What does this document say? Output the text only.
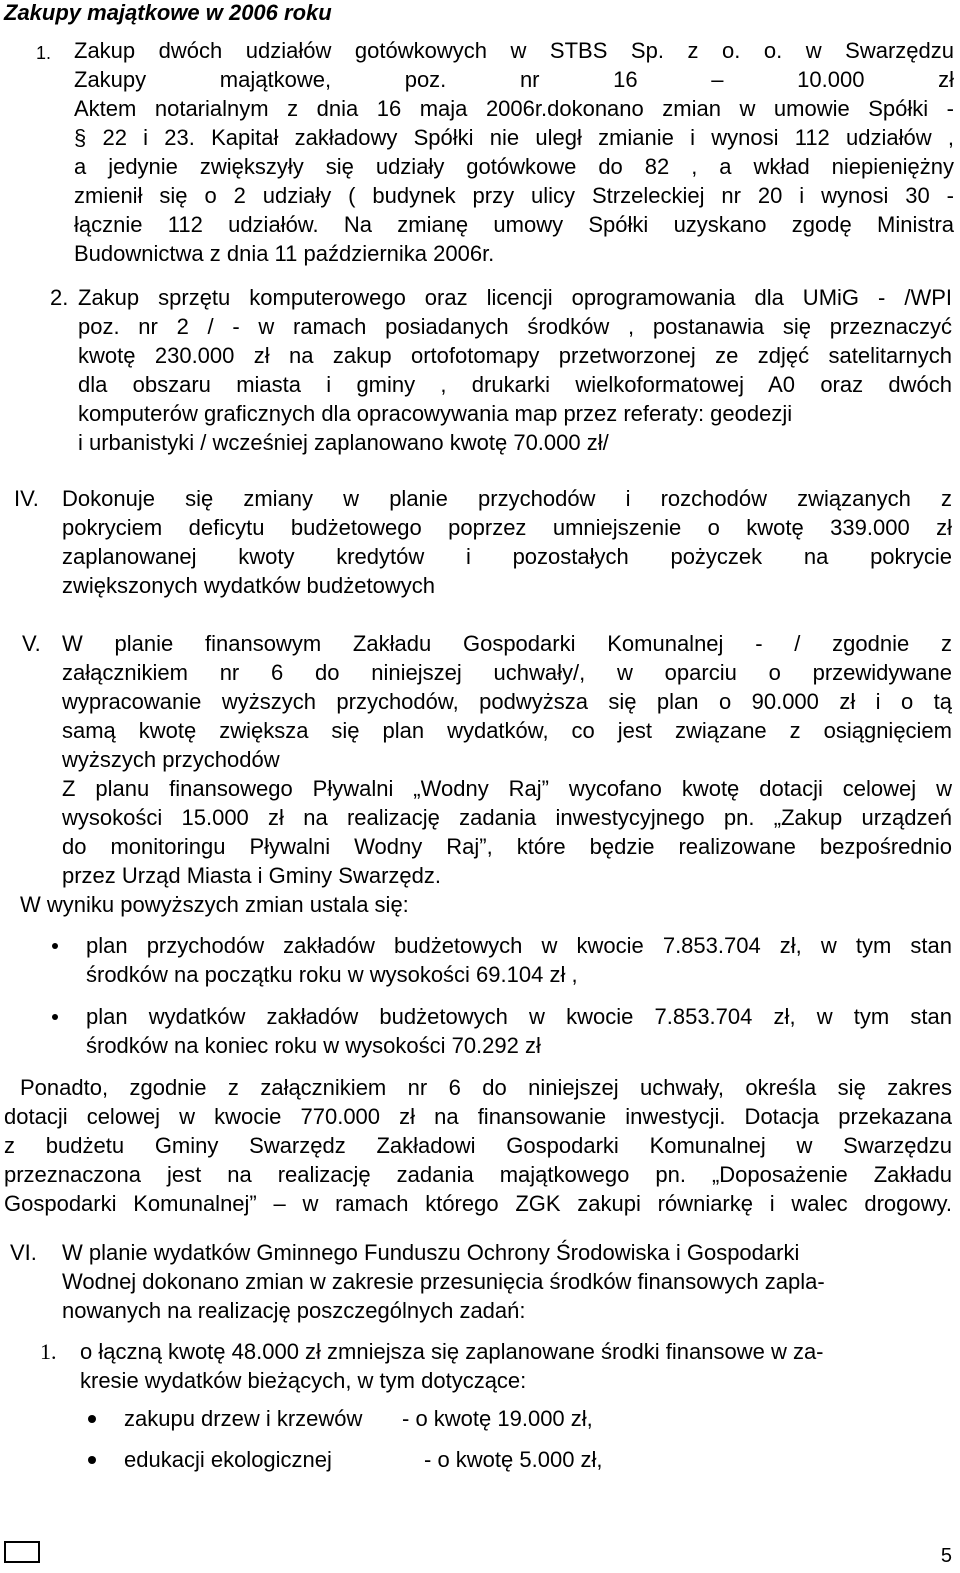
Zakupy majątkowe w 2006 roku
1. Zakup dwóch udziałów gotówkowych w STBS Sp. z o. o. w Swarzędzu
Zakupy majątkowe, poz. nr 16 – 10.000 zł
Aktem notarialnym z dnia 16 maja 2006r.dokonano zmian w umowie Spółki -
§ 22 i 23. Kapitał zakładowy Spółki nie uległ zmianie i wynosi 112 udziałów ,
a jedynie zwiększyły się udziały gotówkowe do 82 , a wkład niepieniężny
zmienił się o 2 udziały ( budynek przy ulicy Strzeleckiej nr 20 i wynosi 30 -
łącznie 112 udziałów. Na zmianę umowy Spółki uzyskano zgodę Ministra
Budownictwa z dnia 11 października 2006r.
2. Zakup sprzętu komputerowego oraz licencji oprogramowania dla UMiG - /WPI
poz. nr 2 / - w ramach posiadanych środków , postanawia się przeznaczyć
kwotę 230.000 zł na zakup ortofotomapy przetworzonej ze zdjęć satelitarnych
dla obszaru miasta i gminy , drukarki wielkoformatowej A0 oraz dwóch
komputerów graficznych dla opracowywania map przez referaty: geodezji
i urbanistyki / wcześniej zaplanowano kwotę 70.000 zł/
IV. Dokonuje się zmiany w planie przychodów i rozchodów związanych z
pokryciem deficytu budżetowego poprzez umniejszenie o kwotę 339.000 zł
zaplanowanej kwoty kredytów i pozostałych pożyczek na pokrycie
zwiększonych wydatków budżetowych
V. W planie finansowym Zakładu Gospodarki Komunalnej - / zgodnie z
załącznikiem nr 6 do niniejszej uchwały/, w oparciu o przewidywane
wypracowanie wyższych przychodów, podwyższa się plan o 90.000 zł i o tą
samą kwotę zwiększa się plan wydatków, co jest związane z osiągnięciem
wyższych przychodów
Z planu finansowego Pływalni „Wodny Raj” wycofano kwotę dotacji celowej w
wysokości 15.000 zł na realizację zadania inwestycyjnego pn. „Zakup urządzeń
do monitoringu Pływalni Wodny Raj”, które będzie realizowane bezpośrednio
przez Urząd Miasta i Gminy Swarzędz.
W wyniku powyższych zmian ustala się:
plan przychodów zakładów budżetowych w kwocie 7.853.704 zł, w tym stan
środków na początku roku w wysokości 69.104 zł ,
plan wydatków zakładów budżetowych w kwocie 7.853.704 zł, w tym stan
środków na koniec roku w wysokości 70.292 zł
Ponadto, zgodnie z załącznikiem nr 6 do niniejszej uchwały, określa się zakres
dotacji celowej w kwocie 770.000 zł na finansowanie inwestycji. Dotacja przekazana
z budżetu Gminy Swarzędz Zakładowi Gospodarki Komunalnej w Swarzędzu
przeznaczona jest na realizację zadania majątkowego pn. „Doposażenie Zakładu
Gospodarki Komunalnej” – w ramach którego ZGK zakupi równiarkę i walec drogowy.
VI. W planie wydatków Gminnego Funduszu Ochrony Środowiska i Gospodarki
Wodnej dokonano zmian w zakresie przesunięcia środków finansowych zapla-
nowanych na realizację poszczególnych zadań:
1. o łączną kwotę 48.000 zł zmniejsza się zaplanowane środki finansowe w za-
kresie wydatków bieżących, w tym dotyczące:
zakupu drzew i krzewów - o kwotę 19.000 zł,
edukacji ekologicznej	- o kwotę 5.000 zł,
5
